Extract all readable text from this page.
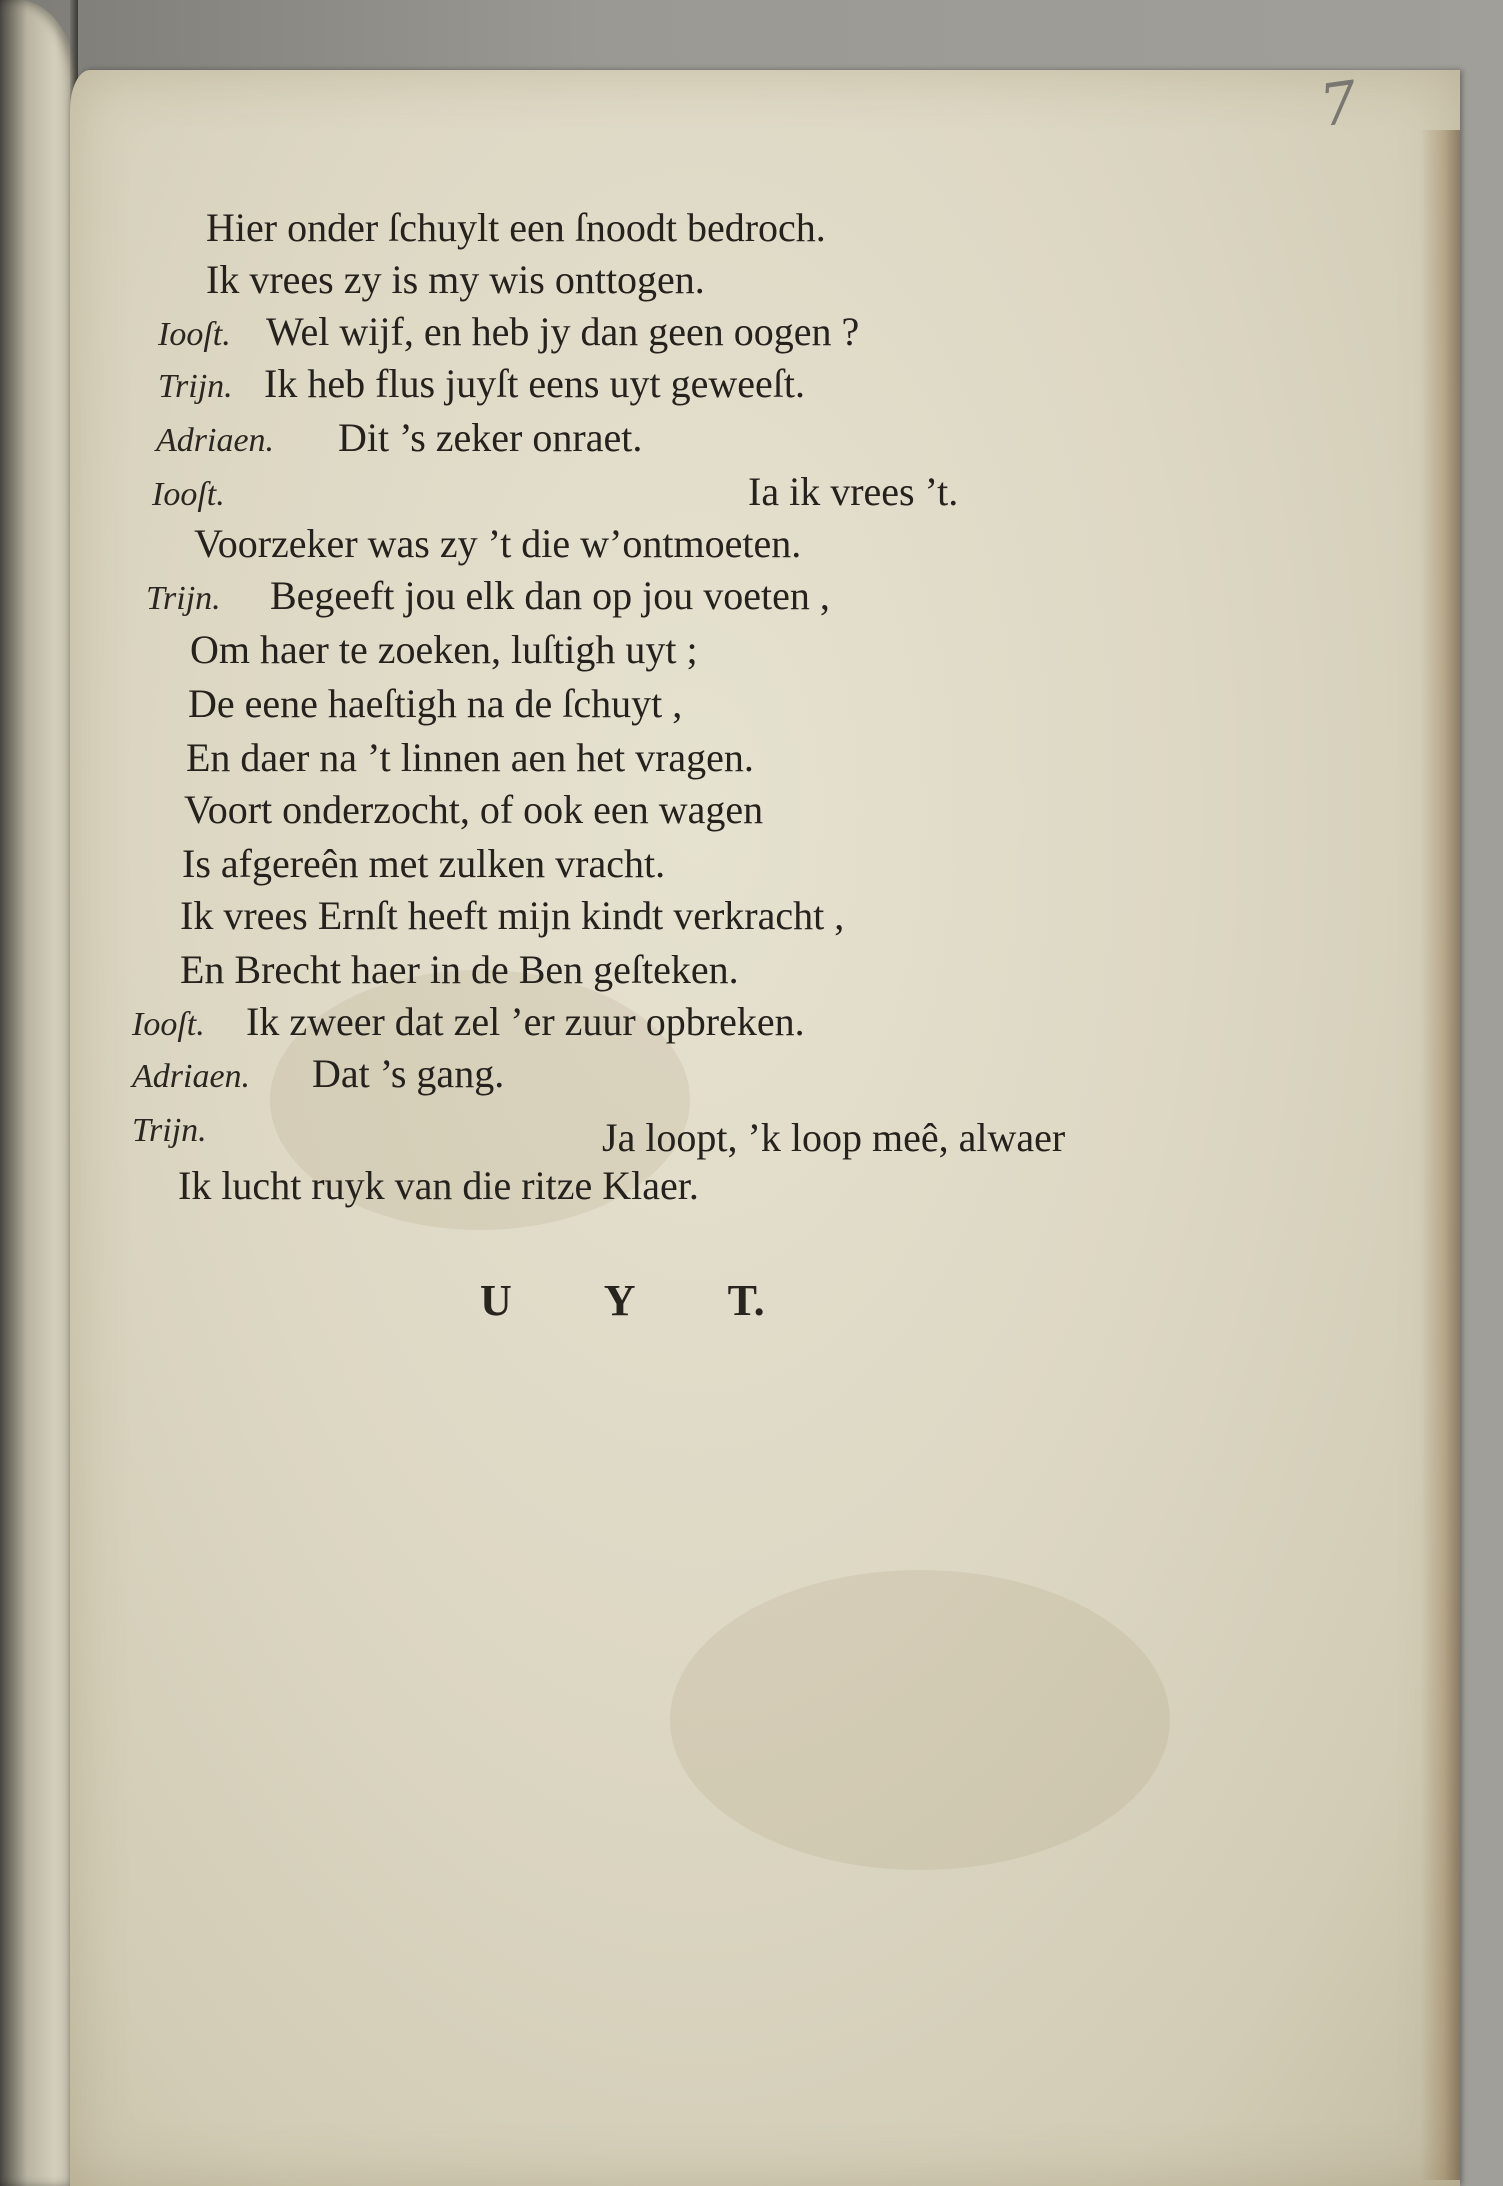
7
Hier onder ſchuylt een ſnoodt bedroch.
Ik vrees zy is my wis onttogen.
Iooſt. Wel wijf, en heb jy dan geen oogen ?
Trijn. Ik heb flus juyſt eens uyt geweeſt.
Adriaen. Dit ’s zeker onraet.
Iooſt.	Ia ik vrees ’t.
Voorzeker was zy ’t die w’ontmoeten.
Trijn. Begeeft jou elk dan op jou voeten ,
Om haer te zoeken, luſtigh uyt ;
De eene haeſtigh na de ſchuyt ,
En daer na ’t linnen aen het vragen.
Voort onderzocht, of ook een wagen
Is afgereên met zulken vracht.
Ik vrees Ernſt heeft mijn kindt verkracht ,
En Brecht haer in de Ben geſteken.
Iooſt. Ik zweer dat zel ’er zuur opbreken.
Adriaen. Dat ’s gang.
Trijn.	Ja loopt, ’k loop meê, alwaer
Ik lucht ruyk van die ritze Klaer.
U Y T.
